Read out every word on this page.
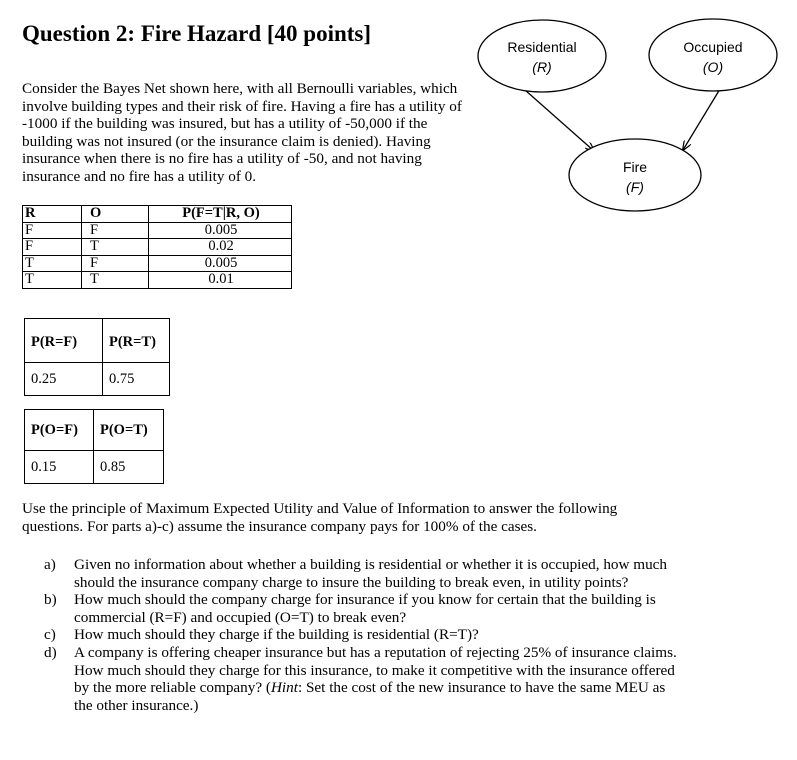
Question 2: Fire Hazard [40 points]

Consider the Bayes Net shown here, with all Bernoulli variables, which involve building types and their risk of fire. Having a fire has a utility of -1000 if the building was insured, but has a utility of -50,000 if the building was not insured (or the insurance claim is denied). Having insurance when there is no fire has a utility of -50, and not having insurance and no fire has a utility of 0.

Residential
(R)
Occupied
(O)
Fire
(F)
R	O	P(F=T|R, O)
F	F	0.005
F	T	0.02
T	F	0.005
T	T	0.01
P(R=F)	P(R=T)
0.25	0.75
P(O=F)	P(O=T)
0.15	0.85

Use the principle of Maximum Expected Utility and Value of Information to answer the following questions. For parts a)-c) assume the insurance company pays for 100% of the cases.

a) Given no information about whether a building is residential or whether it is occupied, how much should the insurance company charge to insure the building to break even, in utility points?
b) How much should the company charge for insurance if you know for certain that the building is commercial (R=F) and occupied (O=T) to break even?
c) How much should they charge if the building is residential (R=T)?
d) A company is offering cheaper insurance but has a reputation of rejecting 25% of insurance claims. How much should they charge for this insurance, to make it competitive with the insurance offered by the more reliable company? (Hint: Set the cost of the new insurance to have the same MEU as the other insurance.)
